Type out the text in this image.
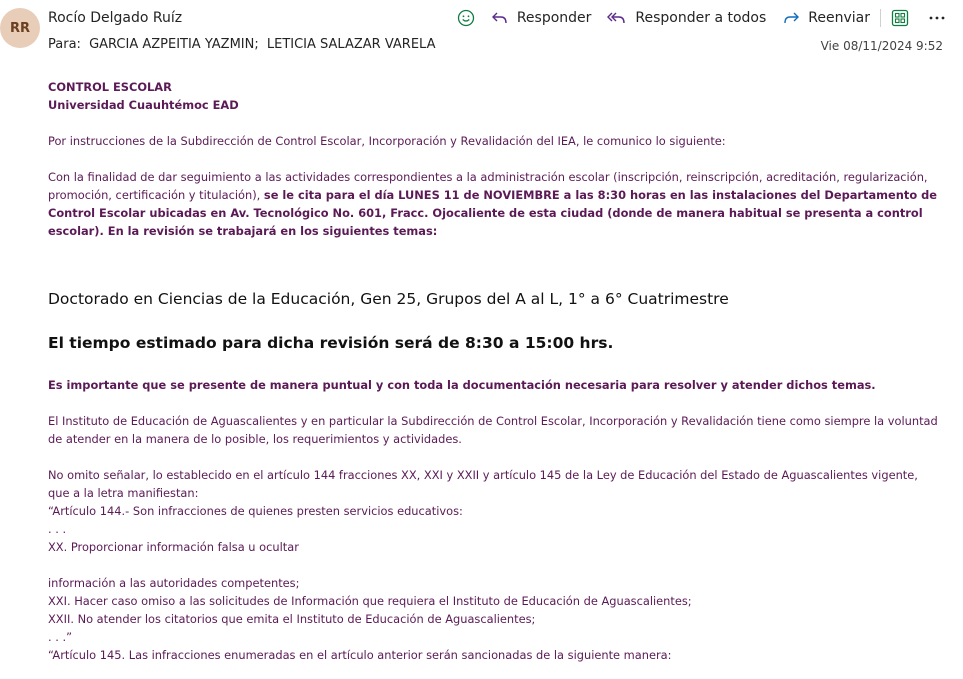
RR
Rocío Delgado Ruíz
Para: GARCIA AZPEITIA YAZMIN; LETICIA SALAZAR VARELA
Responder	Responder a todos	Reenviar
Vie 08/11/2024 9:52

CONTROL ESCOLAR

Universidad Cuauhtémoc EAD

Por instrucciones de la Subdirección de Control Escolar, Incorporación y Revalidación del IEA, le comunico lo siguiente:

Con la finalidad de dar seguimiento a las actividades correspondientes a la administración escolar (inscripción, reinscripción, acreditación, regularización, promoción, certificación y titulación), se le cita para el día LUNES 11 de NOVIEMBRE a las 8:30 horas en las instalaciones del Departamento de Control Escolar ubicadas en Av. Tecnológico No. 601, Fracc. Ojocaliente de esta ciudad (donde de manera habitual se presenta a control escolar). En la revisión se trabajará en los siguientes temas:

Doctorado en Ciencias de la Educación, Gen 25, Grupos del A al L, 1° a 6° Cuatrimestre

El tiempo estimado para dicha revisión será de 8:30 a 15:00 hrs.

Es importante que se presente de manera puntual y con toda la documentación necesaria para resolver y atender dichos temas.

El Instituto de Educación de Aguascalientes y en particular la Subdirección de Control Escolar, Incorporación y Revalidación tiene como siempre la voluntad de atender en la manera de lo posible, los requerimientos y actividades.

No omito señalar, lo establecido en el artículo 144 fracciones XX, XXI y XXII y artículo 145 de la Ley de Educación del Estado de Aguascalientes vigente, que a la letra manifiestan:

“Artículo 144.- Son infracciones de quienes presten servicios educativos:

. . .

XX. Proporcionar información falsa u ocultar

información a las autoridades competentes;

XXI. Hacer caso omiso a las solicitudes de Información que requiera el Instituto de Educación de Aguascalientes;

XXII. No atender los citatorios que emita el Instituto de Educación de Aguascalientes;

. . .”

“Artículo 145. Las infracciones enumeradas en el artículo anterior serán sancionadas de la siguiente manera:
